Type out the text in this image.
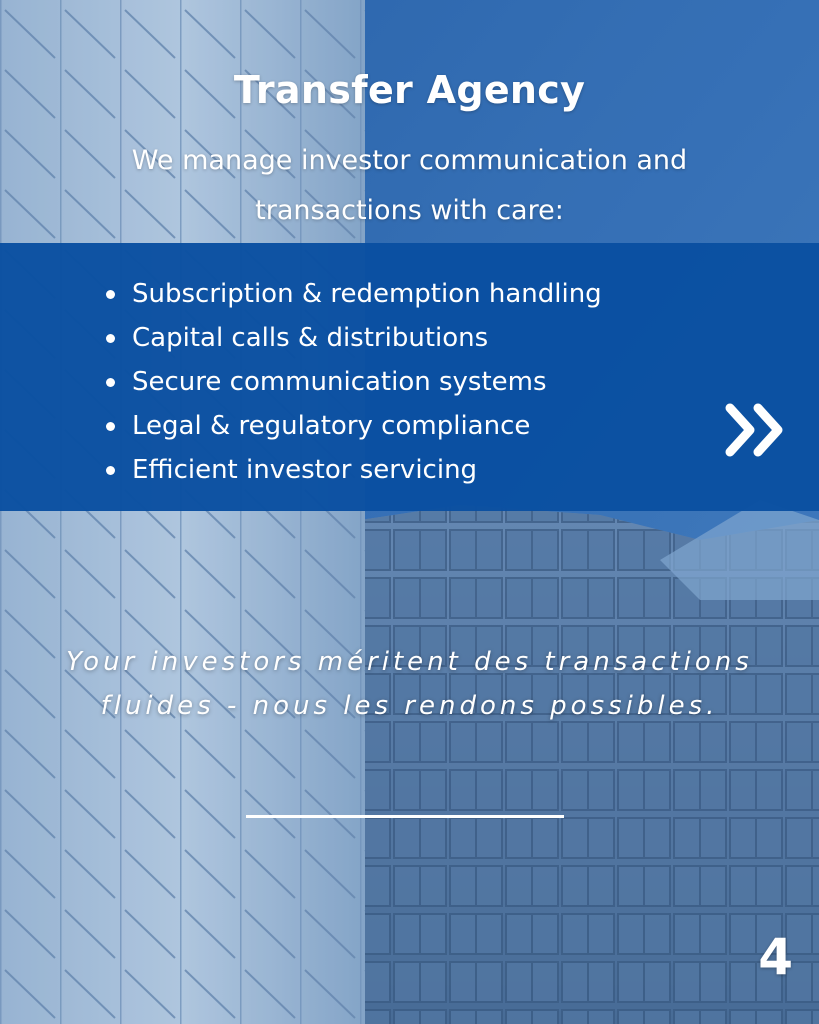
Transfer Agency
We manage investor communication and transactions with care:
Subscription & redemption handling
Capital calls & distributions
Secure communication systems
Legal & regulatory compliance
Efficient investor servicing
Your investors méritent des transactions fluides - nous les rendons possibles.
4
